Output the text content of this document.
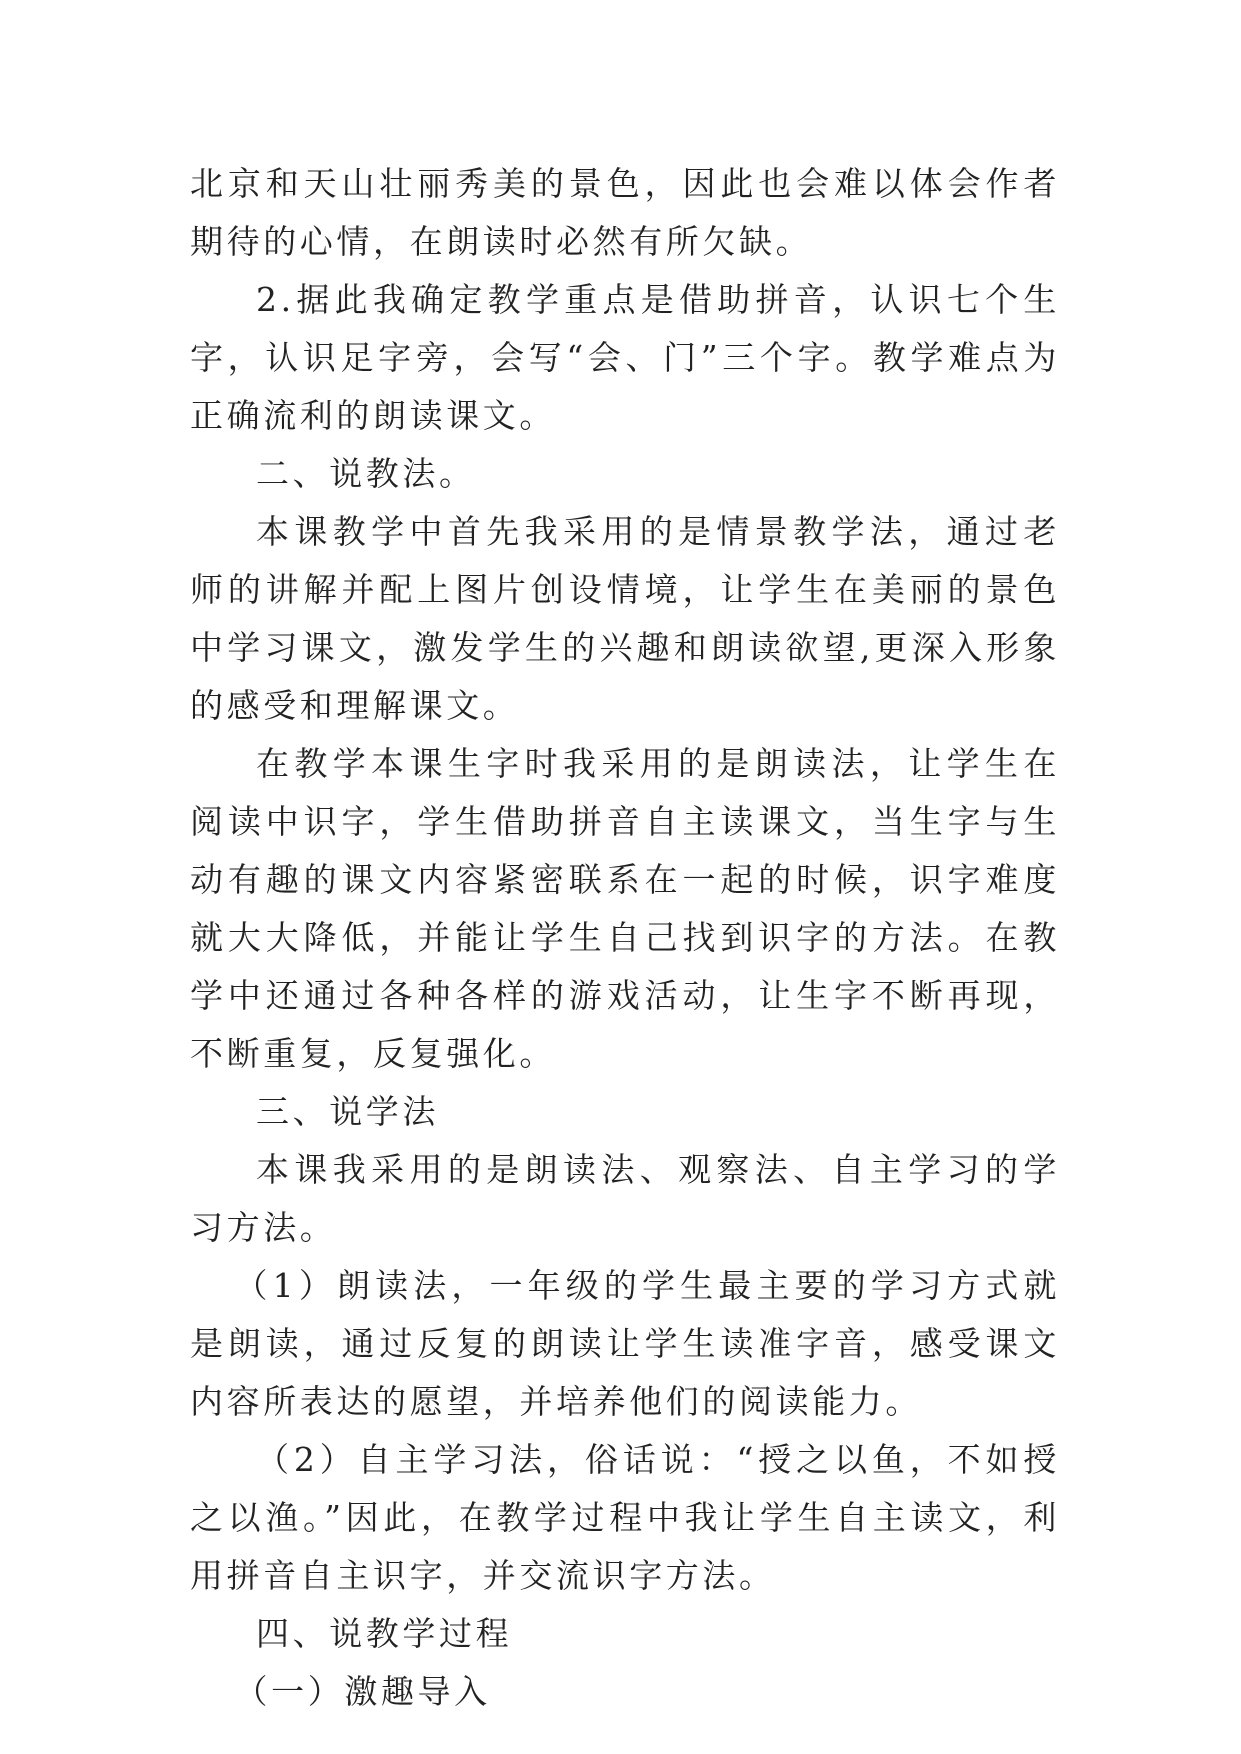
北京和天山壮丽秀美的景色，因此也会难以体会作者期待的心情，在朗读时必然有所欠缺。

2.据此我确定教学重点是借助拼音，认识七个生字，认识足字旁，会写“会、门”三个字。教学难点为正确流利的朗读课文。

二、说教法。

本课教学中首先我采用的是情景教学法，通过老师的讲解并配上图片创设情境，让学生在美丽的景色中学习课文，激发学生的兴趣和朗读欲望,更深入形象的感受和理解课文。

在教学本课生字时我采用的是朗读法，让学生在阅读中识字，学生借助拼音自主读课文，当生字与生动有趣的课文内容紧密联系在一起的时候，识字难度就大大降低，并能让学生自己找到识字的方法。在教学中还通过各种各样的游戏活动，让生字不断再现，不断重复，反复强化。

三、说学法

本课我采用的是朗读法、观察法、自主学习的学习方法。

（1）朗读法，一年级的学生最主要的学习方式就是朗读，通过反复的朗读让学生读准字音，感受课文内容所表达的愿望，并培养他们的阅读能力。

（2）自主学习法，俗话说：“授之以鱼，不如授之以渔。”因此，在教学过程中我让学生自主读文，利用拼音自主识字，并交流识字方法。

四、说教学过程

（一）激趣导入
